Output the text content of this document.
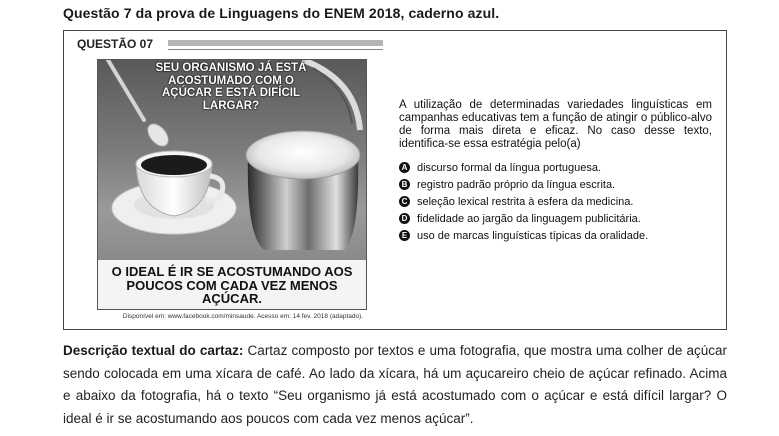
Questão 7 da prova de Linguagens do ENEM 2018, caderno azul.
QUESTÃO 07
SEU ORGANISMO JÁ ESTÁ ACOSTUMADO COM O AÇÚCAR E ESTÁ DIFÍCIL LARGAR?
O IDEAL É IR SE ACOSTUMANDO AOS POUCOS COM CADA VEZ MENOS AÇÚCAR.
Disponível em: www.facebook.com/minsaude. Acesso em: 14 fev. 2018 (adaptado).
A utilização de determinadas variedades linguísticas em campanhas educativas tem a função de atingir o público-alvo de forma mais direta e eficaz. No caso desse texto, identifica-se essa estratégia pelo(a)
A discurso formal da língua portuguesa.
B registro padrão próprio da língua escrita.
C seleção lexical restrita à esfera da medicina.
D fidelidade ao jargão da linguagem publicitária.
E uso de marcas linguísticas típicas da oralidade.
Descrição textual do cartaz: Cartaz composto por textos e uma fotografia, que mostra uma colher de açúcar sendo colocada em uma xícara de café. Ao lado da xícara, há um açucareiro cheio de açúcar refinado. Acima e abaixo da fotografia, há o texto “Seu organismo já está acostumado com o açúcar e está difícil largar? O ideal é ir se acostumando aos poucos com cada vez menos açúcar”.
